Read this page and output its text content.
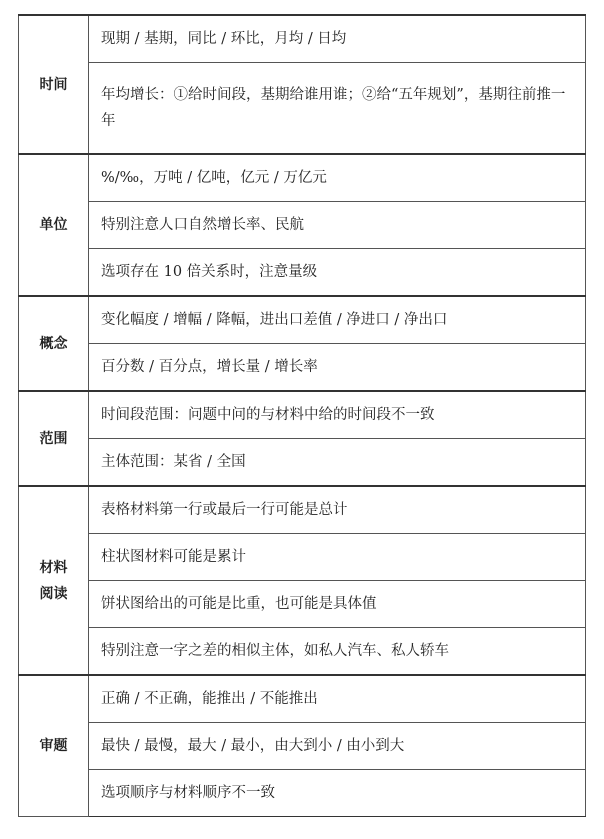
时间	现期 / 基期，同比 / 环比，月均 / 日均
	年均增长：①给时间段，基期给谁用谁；②给“五年规划”，基期往前推一年
单位	%/‰，万吨 / 亿吨，亿元 / 万亿元
	特别注意人口自然增长率、民航
	选项存在 10 倍关系时，注意量级
概念	变化幅度 / 增幅 / 降幅，进出口差值 / 净进口 / 净出口
	百分数 / 百分点，增长量 / 增长率
范围	时间段范围：问题中问的与材料中给的时间段不一致
	主体范围：某省 / 全国

材料
阅读	表格材料第一行或最后一行可能是总计
	柱状图材料可能是累计
	饼状图给出的可能是比重，也可能是具体值
	特别注意一字之差的相似主体，如私人汽车、私人轿车
审题	正确 / 不正确，能推出 / 不能推出
	最快 / 最慢，最大 / 最小，由大到小 / 由小到大
	选项顺序与材料顺序不一致
